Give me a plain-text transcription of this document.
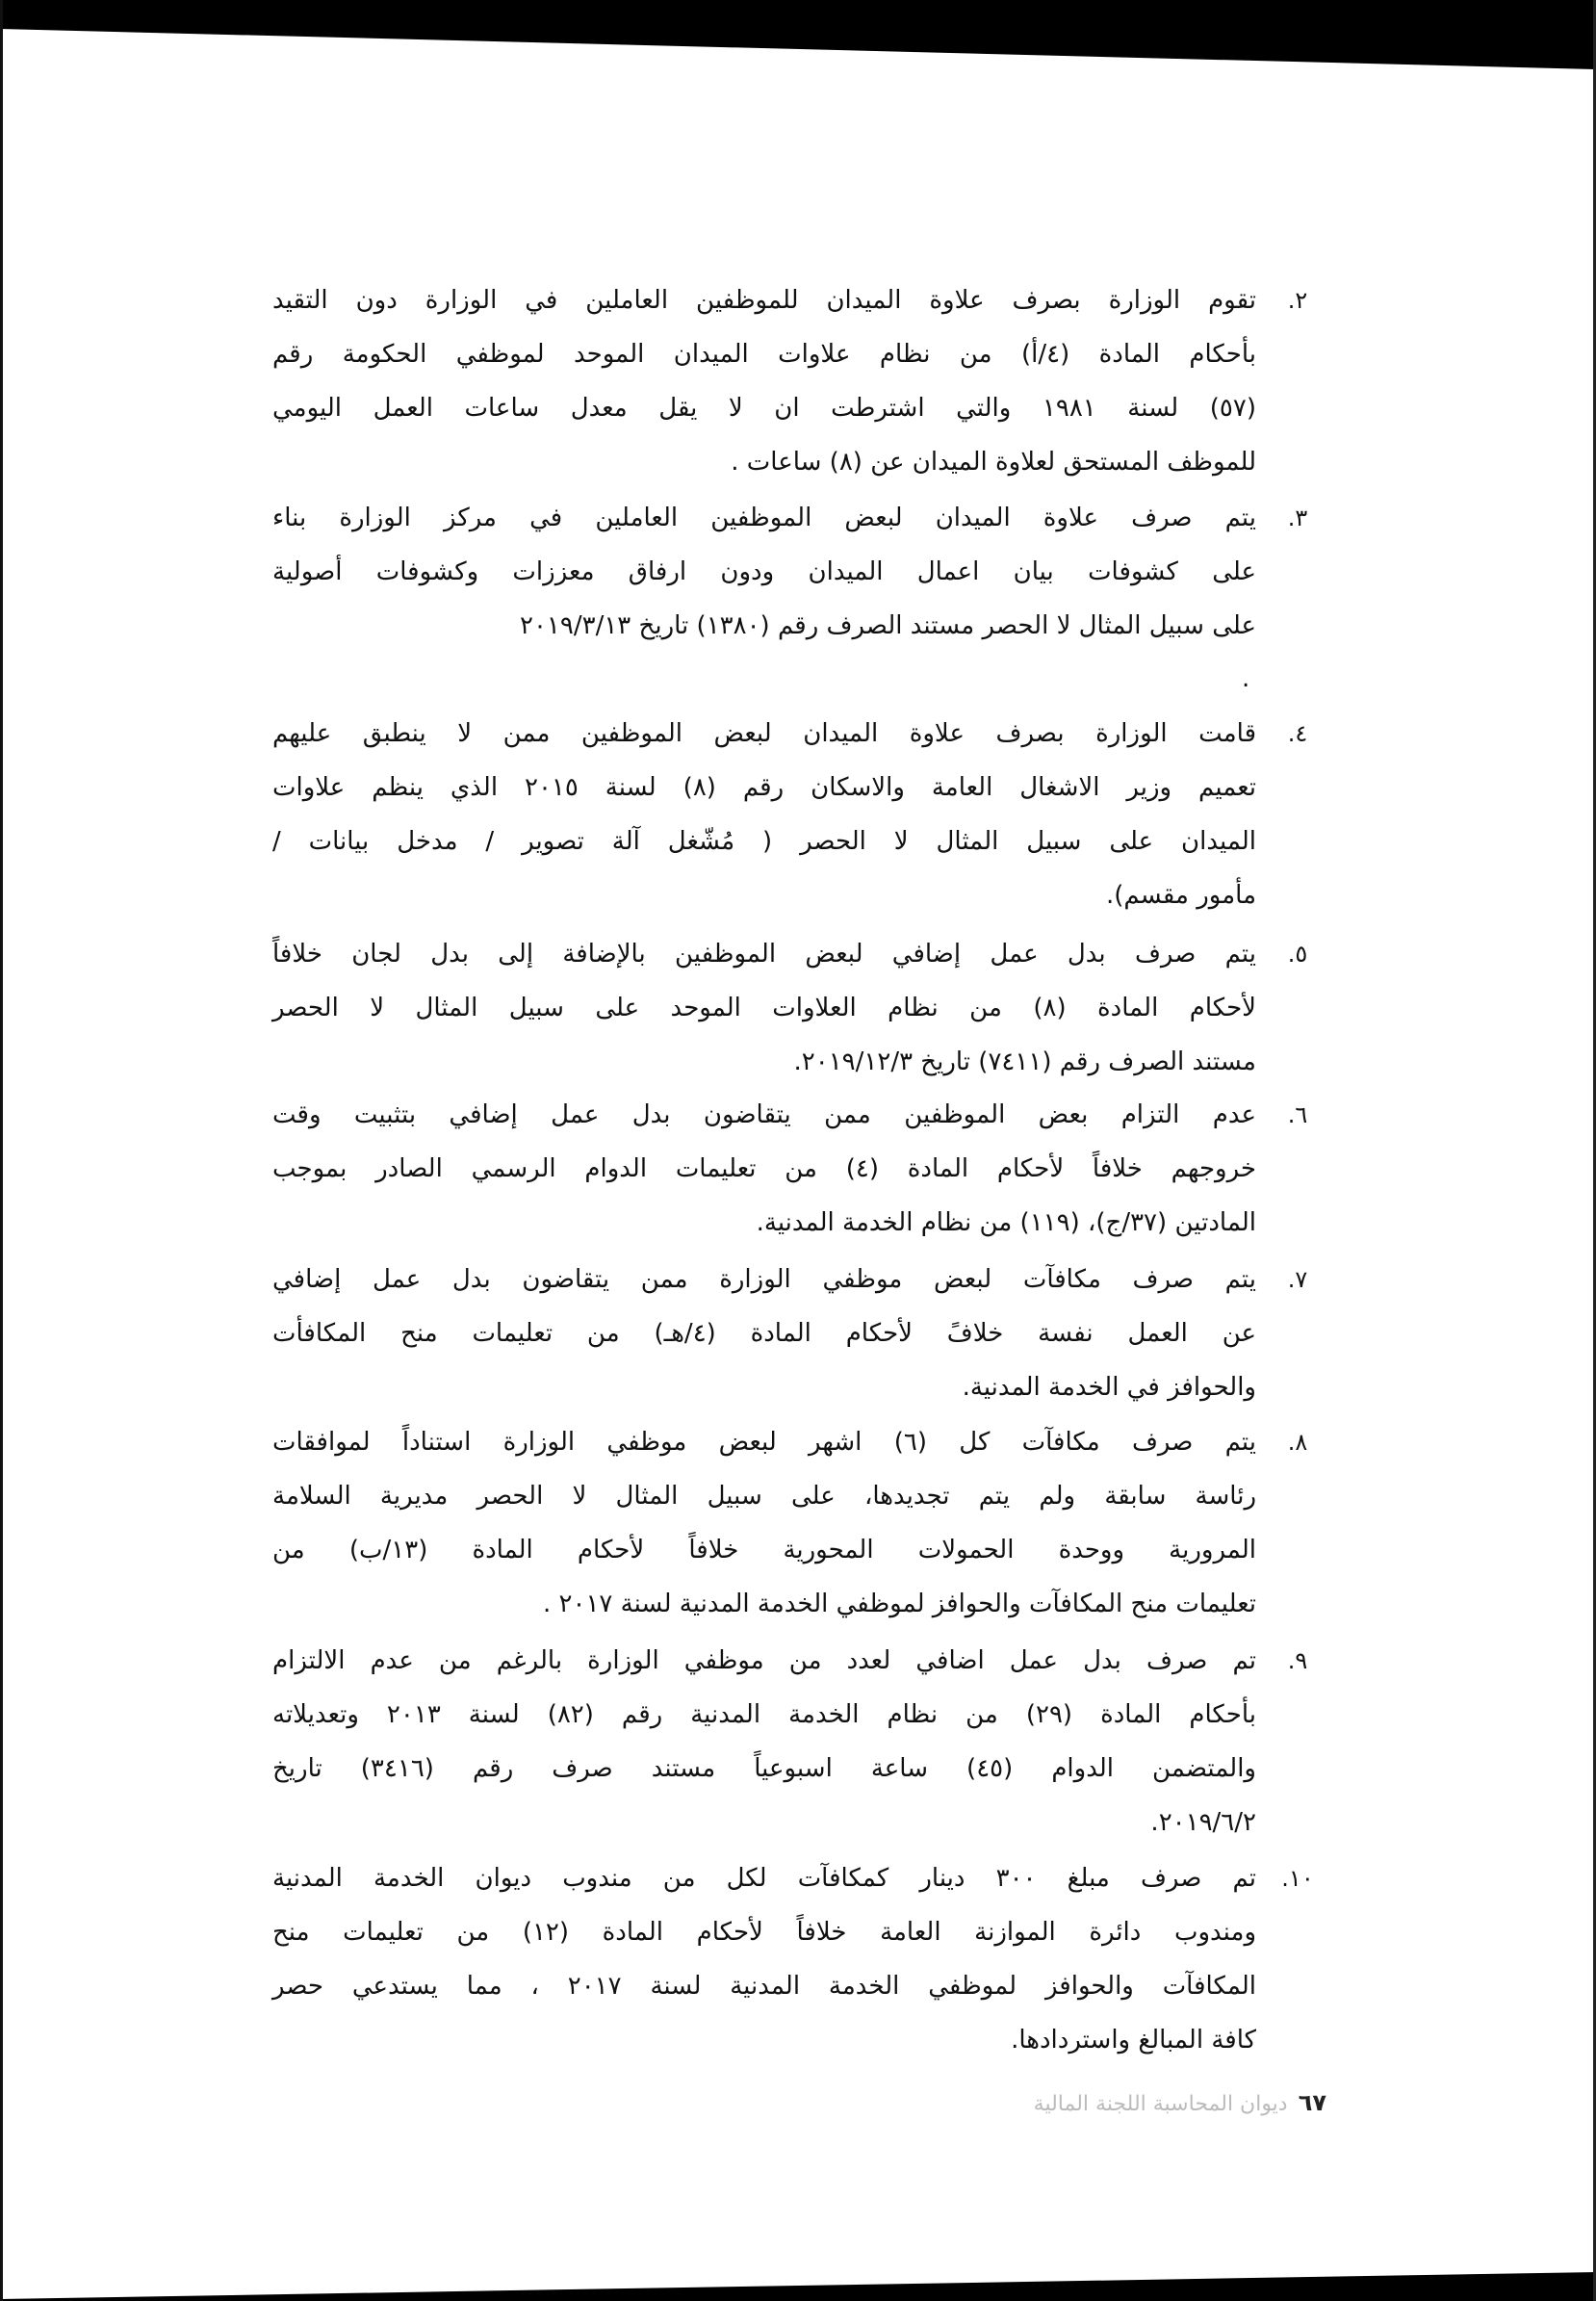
٢.
تقوم الوزارة بصرف علاوة الميدان للموظفين العاملين في الوزارة دون التقيد
بأحكام المادة (٤/أ) من نظام علاوات الميدان الموحد لموظفي الحكومة رقم
(٥٧) لسنة ١٩٨١ والتي اشترطت ان لا يقل معدل ساعات العمل اليومي
للموظف المستحق لعلاوة الميدان عن (٨) ساعات .
٣.
يتم صرف علاوة الميدان لبعض الموظفين العاملين في مركز الوزارة بناء
على كشوفات بيان اعمال الميدان ودون ارفاق معززات وكشوفات أصولية
على سبيل المثال لا الحصر مستند الصرف رقم (١٣٨٠) تاريخ ٢٠١٩/٣/١٣
٤.
قامت الوزارة بصرف علاوة الميدان لبعض الموظفين ممن لا ينطبق عليهم
تعميم وزير الاشغال العامة والاسكان رقم (٨) لسنة ٢٠١٥ الذي ينظم علاوات
الميدان على سبيل المثال لا الحصر ( مُشّغل آلة تصوير / مدخل بيانات /
مأمور مقسم).
٥.
يتم صرف بدل عمل إضافي لبعض الموظفين بالإضافة إلى بدل لجان خلافاً
لأحكام المادة (٨) من نظام العلاوات الموحد على سبيل المثال لا الحصر
مستند الصرف رقم (٧٤١١) تاريخ ٢٠١٩/١٢/٣.
٦.
عدم التزام بعض الموظفين ممن يتقاضون بدل عمل إضافي بتثبيت وقت
خروجهم خلافاً لأحكام المادة (٤) من تعليمات الدوام الرسمي الصادر بموجب
المادتين (٣٧/ج)، (١١٩) من نظام الخدمة المدنية.
٧.
يتم صرف مكافآت لبعض موظفي الوزارة ممن يتقاضون بدل عمل إضافي
عن العمل نفسة خلافً لأحكام المادة (٤/هـ) من تعليمات منح المكافأت
والحوافز في الخدمة المدنية.
٨.
يتم صرف مكافآت كل (٦) اشهر لبعض موظفي الوزارة استناداً لموافقات
رئاسة سابقة ولم يتم تجديدها، على سبيل المثال لا الحصر مديرية السلامة
المرورية ووحدة الحمولات المحورية خلافاً لأحكام المادة (١٣/ب) من
تعليمات منح المكافآت والحوافز لموظفي الخدمة المدنية لسنة ٢٠١٧ .
٩.
تم صرف بدل عمل اضافي لعدد من موظفي الوزارة بالرغم من عدم الالتزام
بأحكام المادة (٢٩) من نظام الخدمة المدنية رقم (٨٢) لسنة ٢٠١٣ وتعديلاته
والمتضمن الدوام (٤٥) ساعة اسبوعياً مستند صرف رقم (٣٤١٦) تاريخ
٢٠١٩/٦/٢.
١٠.
تم صرف مبلغ ٣٠٠ دينار كمكافآت لكل من مندوب ديوان الخدمة المدنية
ومندوب دائرة الموازنة العامة خلافاً لأحكام المادة (١٢) من تعليمات منح
المكافآت والحوافز لموظفي الخدمة المدنية لسنة ٢٠١٧ ، مما يستدعي حصر
كافة المبالغ واستردادها.
.
٦٧ ديوان المحاسبة اللجنة المالية
